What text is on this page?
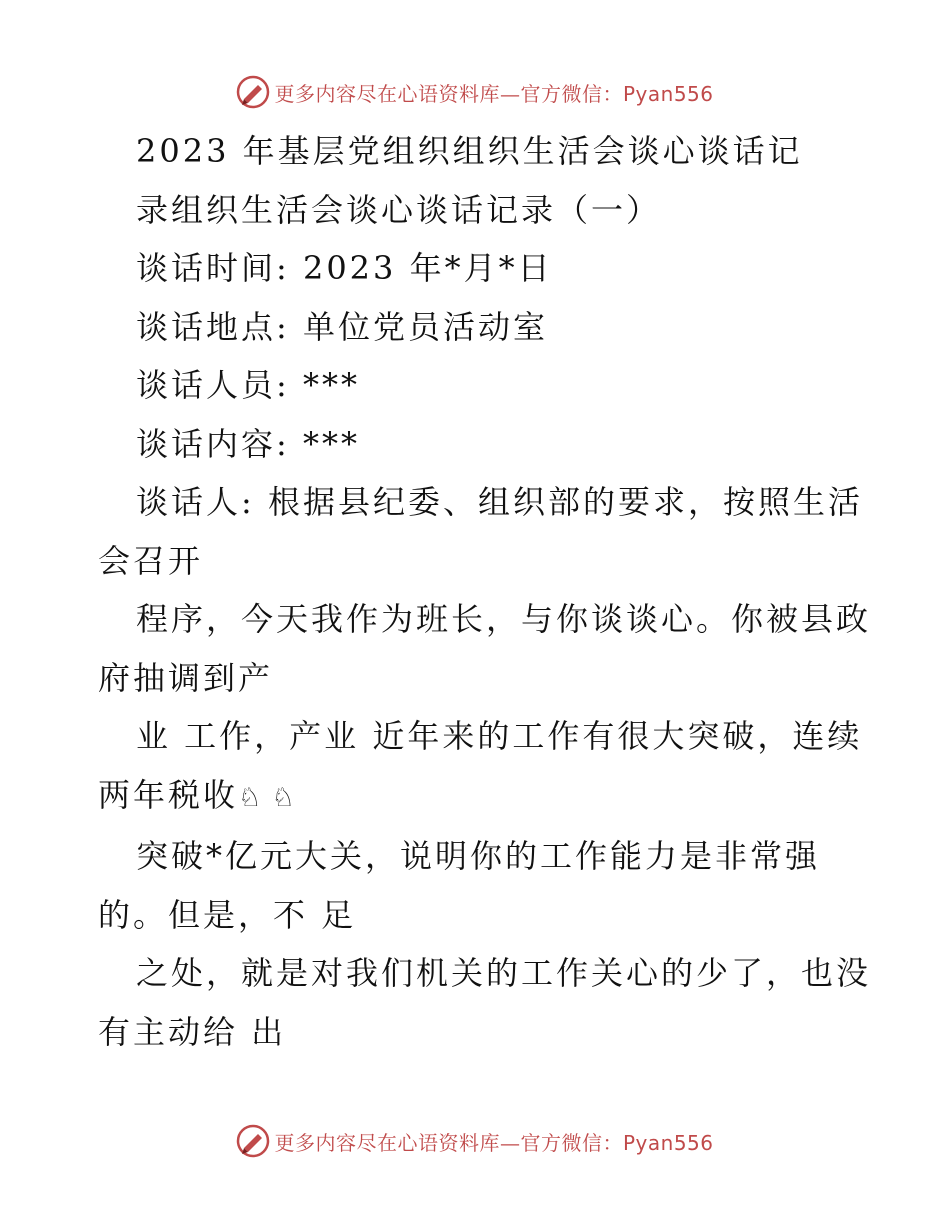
更多内容尽在心语资料库—官方微信：Pyan556

2023 年基层党组织组织生活会谈心谈话记

录组织生活会谈心谈话记录（一）

谈话时间: 2023 年*月*日

谈话地点: 单位党员活动室

谈话人员: ***

谈话内容: ***

谈话人: 根据县纪委、组织部的要求，按照生活

会召开

程序，今天我作为班长，与你谈谈心。你被县政

府抽调到产

业 工作，产业 近年来的工作有很大突破，连续

两年税收♘♘

突破*亿元大关，说明你的工作能力是非常强

的。但是，不 足

之处，就是对我们机关的工作关心的少了，也没

有主动给 出

更多内容尽在心语资料库—官方微信：Pyan556
